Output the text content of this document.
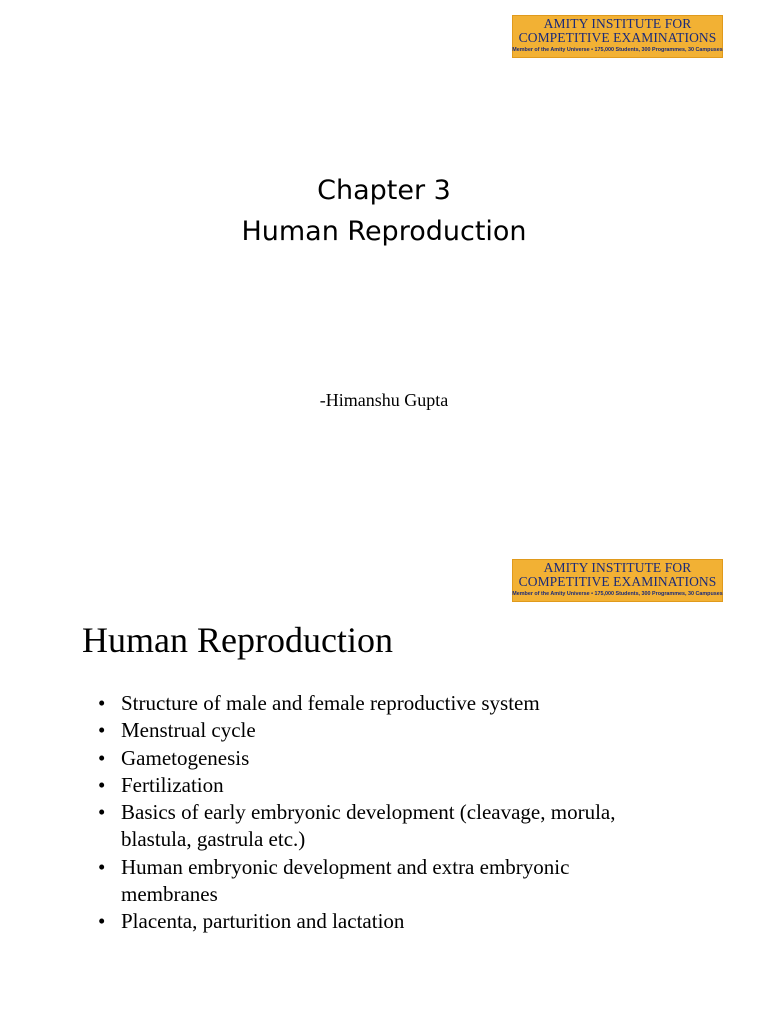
AMITY INSTITUTE FOR
COMPETITIVE EXAMINATIONS
Member of the Amity Universe • 175,000 Students, 300 Programmes, 30 Campuses
Chapter 3
Human Reproduction
-Himanshu Gupta
AMITY INSTITUTE FOR
COMPETITIVE EXAMINATIONS
Member of the Amity Universe • 175,000 Students, 300 Programmes, 30 Campuses
Human Reproduction
• Structure of male and female reproductive system
• Menstrual cycle
• Gametogenesis
• Fertilization
• Basics of early embryonic development (cleavage, morula, blastula, gastrula etc.)
• Human embryonic development and extra embryonic membranes
• Placenta, parturition and lactation
